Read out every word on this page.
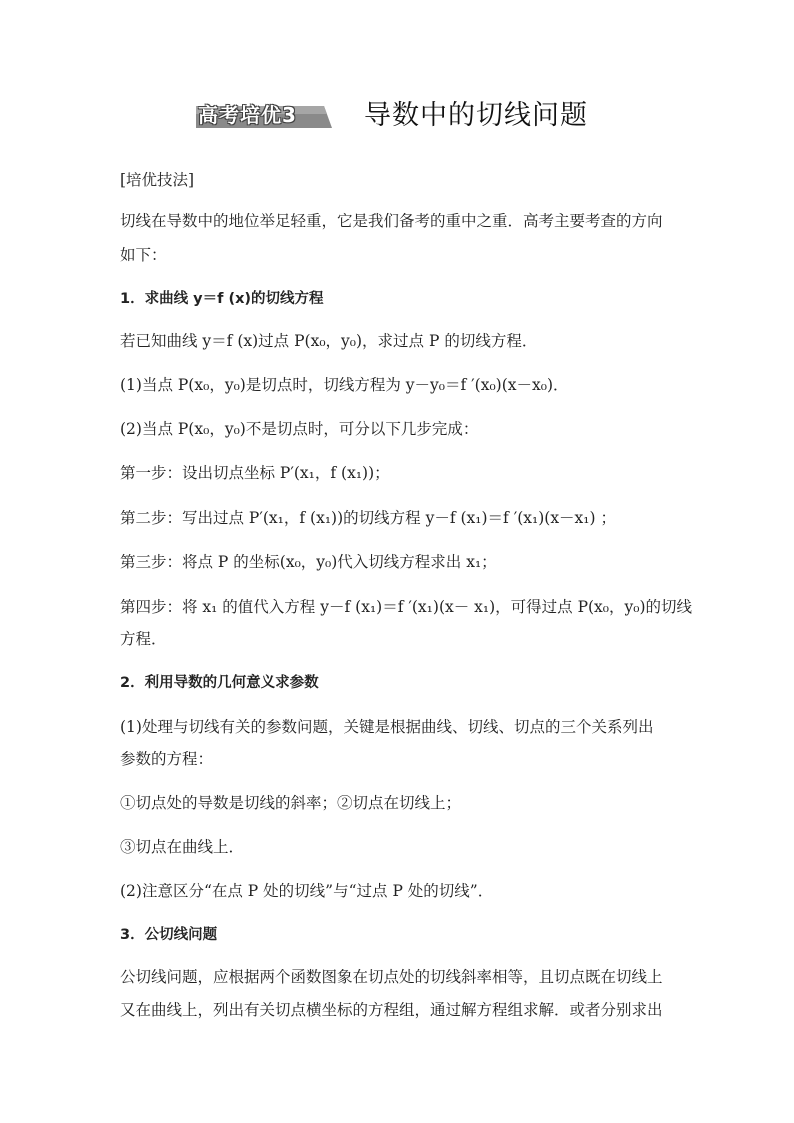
高考培优3	导数中的切线问题
[培优技法]
切线在导数中的地位举足轻重，它是我们备考的重中之重．高考主要考查的方向
如下：
1．求曲线 y＝f (x)的切线方程
若已知曲线 y＝f (x)过点 P(x₀，y₀)，求过点 P 的切线方程．
(1)当点 P(x₀，y₀)是切点时，切线方程为 y－y₀＝f ′(x₀)(x－x₀)．
(2)当点 P(x₀，y₀)不是切点时，可分以下几步完成：
第一步：设出切点坐标 P′(x₁，f (x₁))；
第二步：写出过点 P′(x₁，f (x₁))的切线方程 y－f (x₁)＝f ′(x₁)(x－x₁) ；
第三步：将点 P 的坐标(x₀，y₀)代入切线方程求出 x₁；
第四步：将 x₁ 的值代入方程 y－f (x₁)＝f ′(x₁)(x－ x₁)，可得过点 P(x₀，y₀)的切线
方程．
2．利用导数的几何意义求参数
(1)处理与切线有关的参数问题，关键是根据曲线、切线、切点的三个关系列出
参数的方程：
①切点处的导数是切线的斜率；②切点在切线上；
③切点在曲线上．
(2)注意区分“在点 P 处的切线”与“过点 P 处的切线”．
3．公切线问题
公切线问题，应根据两个函数图象在切点处的切线斜率相等，且切点既在切线上
又在曲线上，列出有关切点横坐标的方程组，通过解方程组求解．或者分别求出
